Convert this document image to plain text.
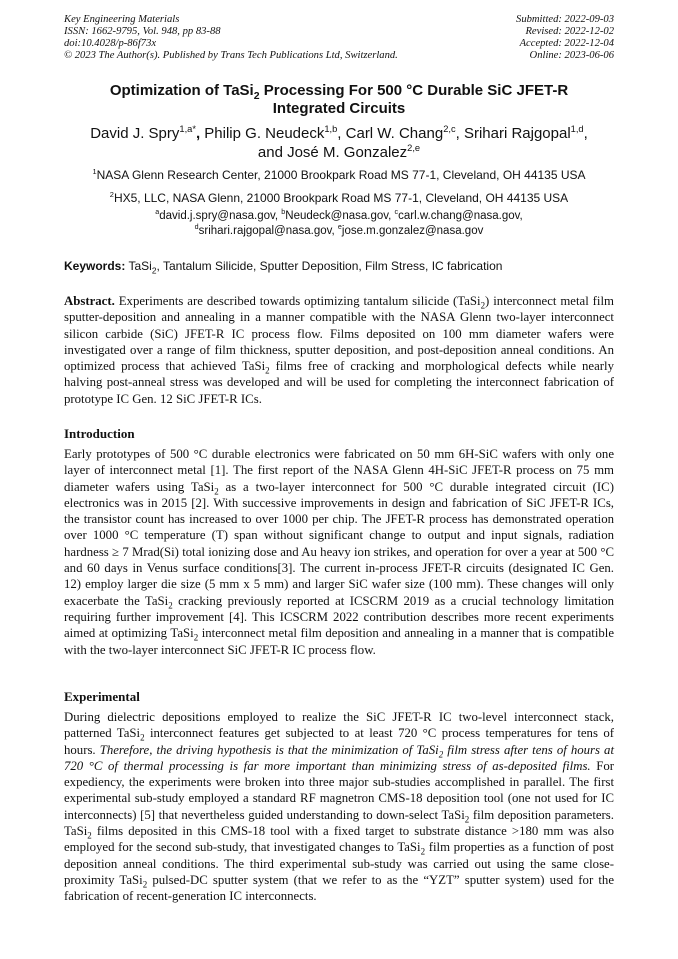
Key Engineering Materials
ISSN: 1662-9795, Vol. 948, pp 83-88
doi:10.4028/p-86f73x
© 2023 The Author(s). Published by Trans Tech Publications Ltd, Switzerland.
Submitted: 2022-09-03
Revised: 2022-12-02
Accepted: 2022-12-04
Online: 2023-06-06
Optimization of TaSi$_2$ Processing For 500 °C Durable SiC JFET-R
Integrated Circuits
David J. Spry$^{1,a*}$, Philip G. Neudeck$^{1,b}$, Carl W. Chang$^{2,c}$, Srihari Rajgopal$^{1,d}$,
and José M. Gonzalez$^{2,e}$
$^1$NASA Glenn Research Center, 21000 Brookpark Road MS 77-1, Cleveland, OH 44135 USA
$^2$HX5, LLC, NASA Glenn, 21000 Brookpark Road MS 77-1, Cleveland, OH 44135 USA
$^a$david.j.spry@nasa.gov, $^b$Neudeck@nasa.gov, $^c$carl.w.chang@nasa.gov,
$^d$srihari.rajgopal@nasa.gov, $^e$jose.m.gonzalez@nasa.gov
Keywords: TaSi$_2$, Tantalum Silicide, Sputter Deposition, Film Stress, IC fabrication
Abstract. Experiments are described towards optimizing tantalum silicide (TaSi$_2$) interconnect metal film sputter-deposition and annealing in a manner compatible with the NASA Glenn two-layer interconnect silicon carbide (SiC) JFET-R IC process flow. Films deposited on 100 mm diameter wafers were investigated over a range of film thickness, sputter deposition, and post-deposition anneal conditions. An optimized process that achieved TaSi$_2$ films free of cracking and morphological defects while nearly halving post-anneal stress was developed and will be used for completing the interconnect fabrication of prototype IC Gen. 12 SiC JFET-R ICs.
Introduction
Early prototypes of 500 °C durable electronics were fabricated on 50 mm 6H-SiC wafers with only one layer of interconnect metal [1]. The first report of the NASA Glenn 4H-SiC JFET-R process on 75 mm diameter wafers using TaSi$_2$ as a two-layer interconnect for 500 °C durable integrated circuit (IC) electronics was in 2015 [2]. With successive improvements in design and fabrication of SiC JFET-R ICs, the transistor count has increased to over 1000 per chip. The JFET-R process has demonstrated operation over 1000 °C temperature (T) span without significant change to output and input signals, radiation hardness ≥ 7 Mrad(Si) total ionizing dose and Au heavy ion strikes, and operation for over a year at 500 °C and 60 days in Venus surface conditions[3]. The current in-process JFET-R circuits (designated IC Gen. 12) employ larger die size (5 mm x 5 mm) and larger SiC wafer size (100 mm). These changes will only exacerbate the TaSi$_2$ cracking previously reported at ICSCRM 2019 as a crucial technology limitation requiring further improvement [4]. This ICSCRM 2022 contribution describes more recent experiments aimed at optimizing TaSi$_2$ interconnect metal film deposition and annealing in a manner that is compatible with the two-layer interconnect SiC JFET-R IC process flow.
Experimental
During dielectric depositions employed to realize the SiC JFET-R IC two-level interconnect stack, patterned TaSi$_2$ interconnect features get subjected to at least 720 °C process temperatures for tens of hours. Therefore, the driving hypothesis is that the minimization of TaSi$_2$ film stress after tens of hours at 720 °C of thermal processing is far more important than minimizing stress of as-deposited films. For expediency, the experiments were broken into three major sub-studies accomplished in parallel. The first experimental sub-study employed a standard RF magnetron CMS-18 deposition tool (one not used for IC interconnects) [5] that nevertheless guided understanding to down-select TaSi$_2$ film deposition parameters. TaSi$_2$ films deposited in this CMS-18 tool with a fixed target to substrate distance >180 mm was also employed for the second sub-study, that investigated changes to TaSi$_2$ film properties as a function of post deposition anneal conditions. The third experimental sub-study was carried out using the same close-proximity TaSi$_2$ pulsed-DC sputter system (that we refer to as the “YZT” sputter system) used for the fabrication of recent-generation IC interconnects.
